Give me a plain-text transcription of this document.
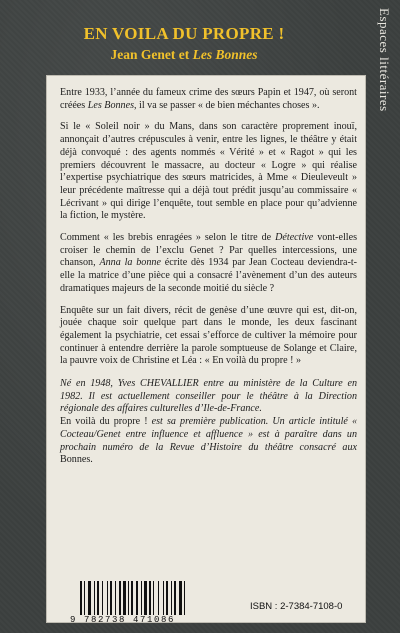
Espaces littéraires
EN VOILA DU PROPRE !
Jean Genet et Les Bonnes

Entre 1933, l’année du fameux crime des sœurs Papin et 1947, où seront créées Les Bonnes, il va se passer « de bien méchantes choses ».

Si le « Soleil noir » du Mans, dans son caractère proprement inouï, annonçait d’autres crépuscules à venir, entre les lignes, le théâtre y était déjà convoqué : des agents nommés « Vérité » et « Ragot » qui les premiers découvrent le massacre, au docteur « Logre » qui réalise l’expertise psychiatrique des sœurs matricides, à Mme « Dieuleveult » leur précédente maîtresse qui a déjà tout prédit jusqu’au commissaire « Lécrivant » qui dirige l’enquête, tout semble en place pour qu’advienne la fiction, le mystère.

Comment « les brebis enragées » selon le titre de Détective vont-elles croiser le chemin de l’exclu Genet ? Par quelles intercessions, une chanson, Anna la bonne écrite dès 1934 par Jean Cocteau deviendra-t-elle la matrice d’une pièce qui a consacré l’avènement d’un des auteurs dramatiques majeurs de la seconde moitié du siècle ?

Enquête sur un fait divers, récit de genèse d’une œuvre qui est, dit-on, jouée chaque soir quelque part dans le monde, les deux fascinant également la psychiatrie, cet essai s’efforce de cultiver la mémoire pour continuer à entendre derrière la parole somptueuse de Solange et Claire, la pauvre voix de Christine et Léa : « En voilà du propre ! »

Né en 1948, Yves CHEVALLIER entre au ministère de la Culture en 1982. Il est actuellement conseiller pour le théâtre à la Direction régionale des affaires culturelles d’Ile-de-France.

En voilà du propre ! est sa première publication. Un article intitulé « Cocteau/Genet entre influence et affluence » est à paraître dans un prochain numéro de la Revue d’Histoire du théâtre consacré aux Bonnes.

9 782738 471086
ISBN : 2-7384-7108-0
